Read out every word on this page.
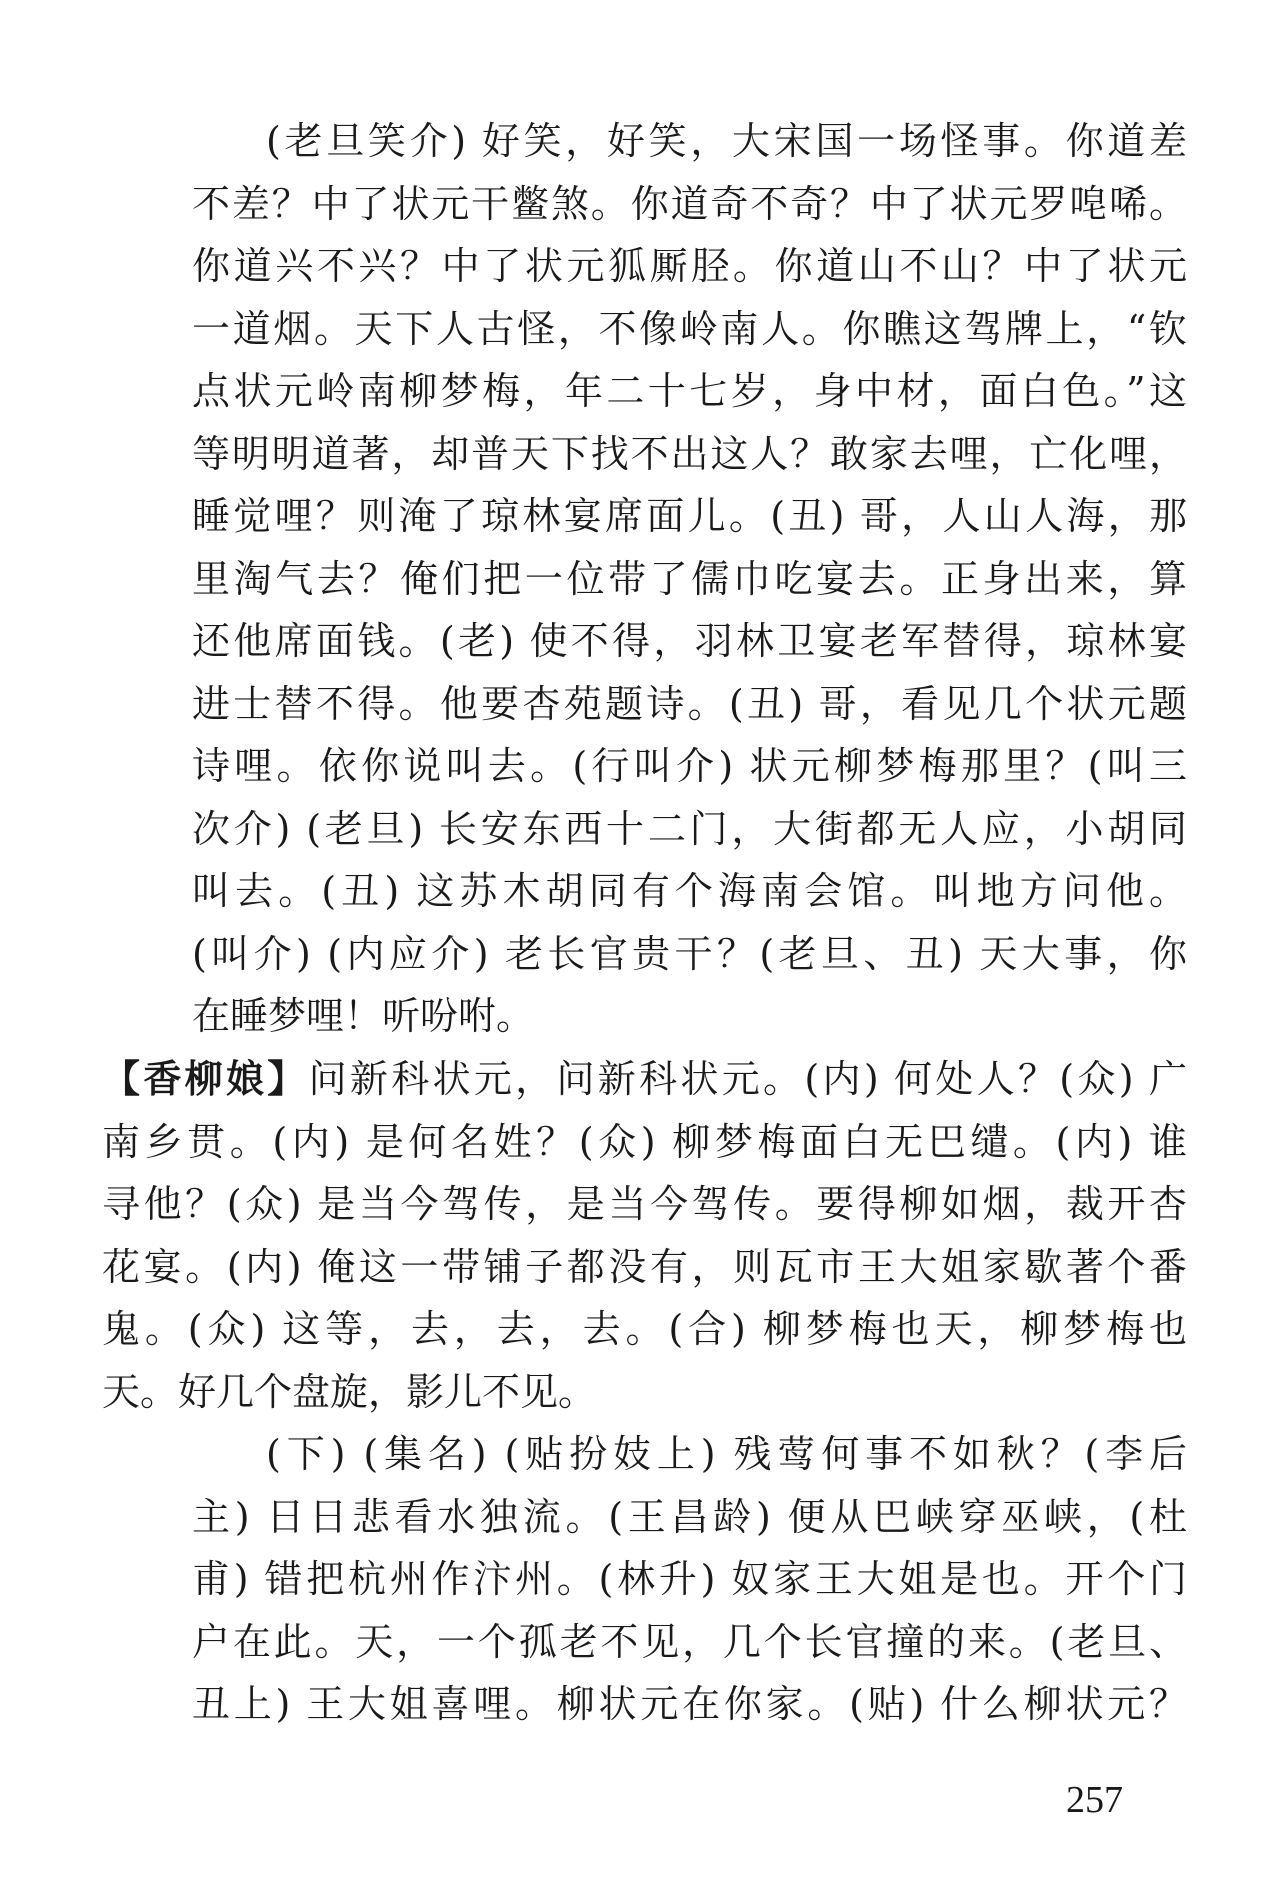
(老旦笑介) 好笑，好笑，大宋国一场怪事。你道差
不差？中了状元干鳖煞。你道奇不奇？中了状元罗唣唏。
你道兴不兴？中了状元狐厮胫。你道山不山？中了状元
一道烟。天下人古怪，不像岭南人。你瞧这驾牌上，“钦
点状元岭南柳梦梅，年二十七岁，身中材，面白色。”这
等明明道著，却普天下找不出这人？敢家去哩，亡化哩，
睡觉哩？则淹了琼林宴席面儿。(丑) 哥，人山人海，那
里淘气去？俺们把一位带了儒巾吃宴去。正身出来，算
还他席面钱。(老) 使不得，羽林卫宴老军替得，琼林宴
进士替不得。他要杏苑题诗。(丑) 哥，看见几个状元题
诗哩。依你说叫去。(行叫介) 状元柳梦梅那里？(叫三
次介) (老旦) 长安东西十二门，大街都无人应，小胡同
叫去。(丑) 这苏木胡同有个海南会馆。叫地方问他。
(叫介) (内应介) 老长官贵干？(老旦、丑) 天大事，你
在睡梦哩！听吩咐。
【香柳娘】问新科状元，问新科状元。(内) 何处人？(众) 广
南乡贯。(内) 是何名姓？(众) 柳梦梅面白无巴缱。(内) 谁
寻他？(众) 是当今驾传，是当今驾传。要得柳如烟，裁开杏
花宴。(内) 俺这一带铺子都没有，则瓦市王大姐家歇著个番
鬼。(众) 这等，去，去，去。(合) 柳梦梅也天，柳梦梅也
天。好几个盘旋，影儿不见。
(下) (集名) (贴扮妓上) 残莺何事不如秋？(李后
主) 日日悲看水独流。(王昌龄) 便从巴峡穿巫峡，(杜
甫) 错把杭州作汴州。(林升) 奴家王大姐是也。开个门
户在此。天，一个孤老不见，几个长官撞的来。(老旦、
丑上) 王大姐喜哩。柳状元在你家。(贴) 什么柳状元？
257
